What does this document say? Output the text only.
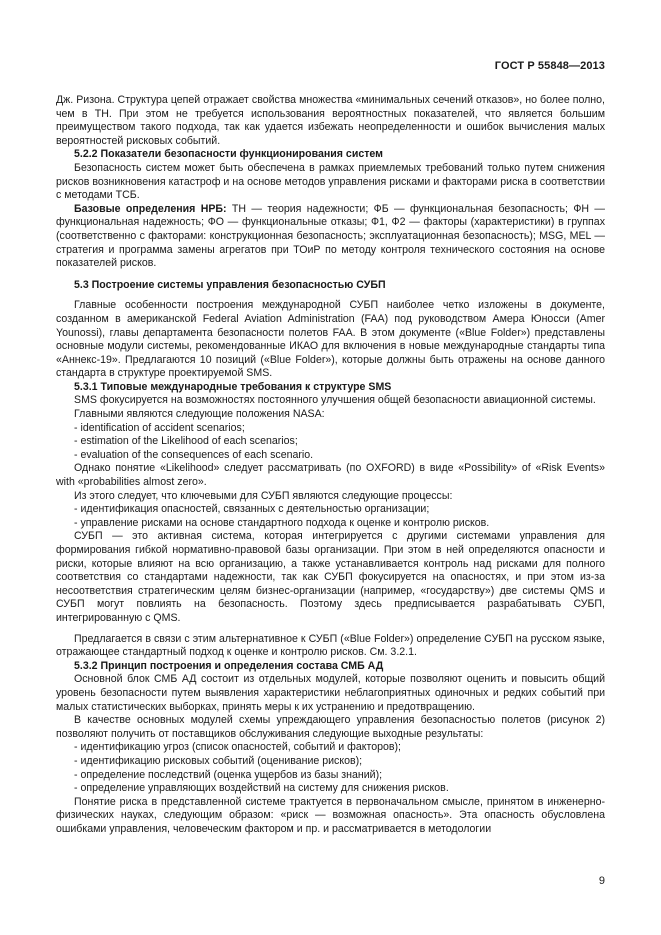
ГОСТ Р 55848—2013

Дж. Ризона. Структура цепей отражает свойства множества «минимальных сечений отказов», но более полно, чем в ТН. При этом не требуется использования вероятностных показателей, что является большим преимуществом такого подхода, так как удается избежать неопределенности и ошибок вычисления малых вероятностей рисковых событий.

5.2.2 Показатели безопасности функционирования систем

Безопасность систем может быть обеспечена в рамках приемлемых требований только путем снижения рисков возникновения катастроф и на основе методов управления рисками и факторами риска в соответствии с методами ТСБ.

Базовые определения НРБ: ТН — теория надежности; ФБ — функциональная безопасность; ФН — функциональная надежность; ФО — функциональные отказы; Ф1, Ф2 — факторы (характеристики) в группах (соответственно с факторами: конструкционная безопасность; эксплуатационная безопасность); MSG, MEL — стратегия и программа замены агрегатов при ТОиР по методу контроля технического состояния на основе показателей рисков.

5.3 Построение системы управления безопасностью СУБП

Главные особенности построения международной СУБП наиболее четко изложены в документе, созданном в американской Federal Aviation Administration (FAA) под руководством Амера Юносси (Amer Younossi), главы департамента безопасности полетов FAA. В этом документе («Blue Folder») представлены основные модули системы, рекомендованные ИКАО для включения в новые международные стандарты типа «Аннекс-19». Предлагаются 10 позиций («Blue Folder»), которые должны быть отражены на основе данного стандарта в структуре проектируемой SMS.

5.3.1 Типовые международные требования к структуре SMS

SMS фокусируется на возможностях постоянного улучшения общей безопасности авиационной системы.

Главными являются следующие положения NASA:

- identification of accident scenarios;

- estimation of the Likelihood of each scenarios;

- evaluation of the consequences of each scenario.

Однако понятие «Likelihood» следует рассматривать (по OXFORD) в виде «Possibility» of «Risk Events» with «probabilities almost zero».

Из этого следует, что ключевыми для СУБП являются следующие процессы:

- идентификация опасностей, связанных с деятельностью организации;

- управление рисками на основе стандартного подхода к оценке и контролю рисков.

СУБП — это активная система, которая интегрируется с другими системами управления для формирования гибкой нормативно-правовой базы организации. При этом в ней определяются опасности и риски, которые влияют на всю организацию, а также устанавливается контроль над рисками для полного соответствия со стандартами надежности, так как СУБП фокусируется на опасностях, и при этом из-за несоответствия стратегическим целям бизнес-организации (например, «государству») две системы QMS и СУБП могут повлиять на безопасность. Поэтому здесь предписывается разрабатывать СУБП, интегрированную с QMS.

Предлагается в связи с этим альтернативное к СУБП («Blue Folder») определение СУБП на русском языке, отражающее стандартный подход к оценке и контролю рисков. См. 3.2.1.

5.3.2 Принцип построения и определения состава СМБ АД

Основной блок СМБ АД состоит из отдельных модулей, которые позволяют оценить и повысить общий уровень безопасности путем выявления характеристики неблагоприятных одиночных и редких событий при малых статистических выборках, принять меры к их устранению и предотвращению.

В качестве основных модулей схемы упреждающего управления безопасностью полетов (рисунок 2) позволяют получить от поставщиков обслуживания следующие выходные результаты:

- идентификацию угроз (список опасностей, событий и факторов);

- идентификацию рисковых событий (оценивание рисков);

- определение последствий (оценка ущербов из базы знаний);

- определение управляющих воздействий на систему для снижения рисков.

Понятие риска в представленной системе трактуется в первоначальном смысле, принятом в инженерно-физических науках, следующим образом: «риск — возможная опасность». Эта опасность обусловлена ошибками управления, человеческим фактором и пр. и рассматривается в методологии

9
